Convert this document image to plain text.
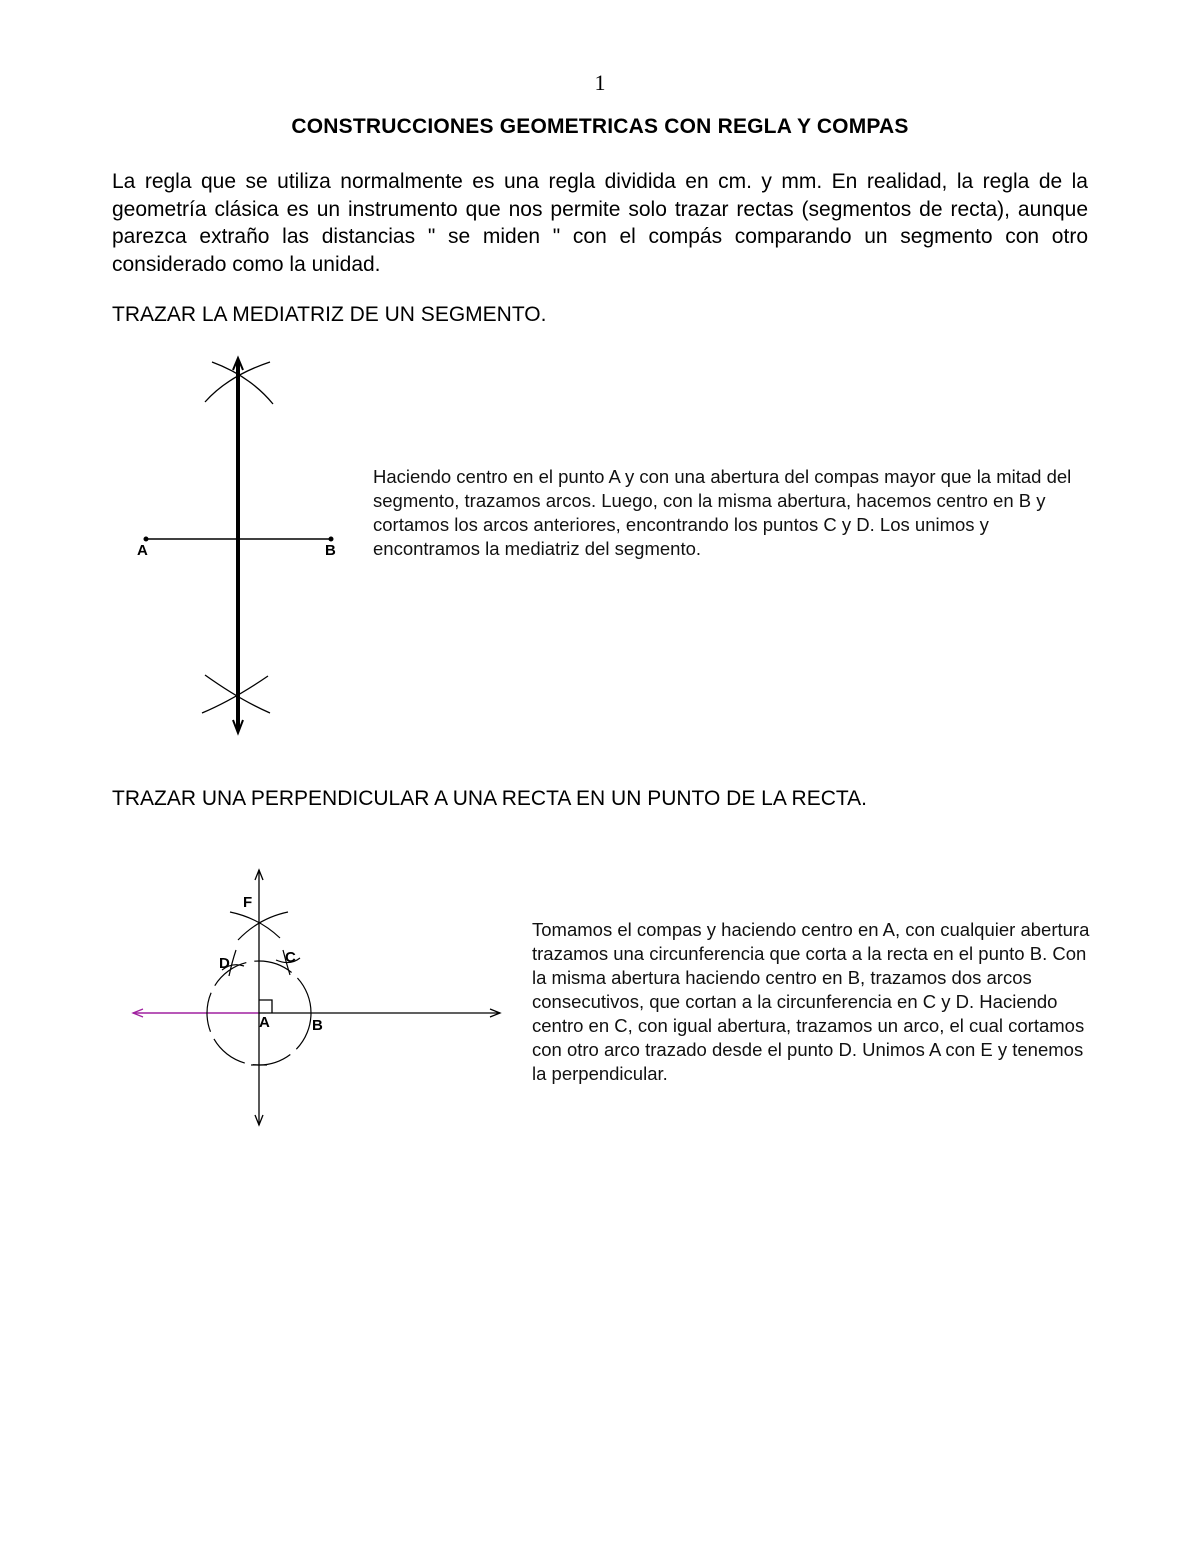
1
CONSTRUCCIONES GEOMETRICAS CON REGLA Y COMPAS
La regla que se utiliza normalmente es una regla dividida en cm. y mm. En realidad, la regla de la geometría clásica es un instrumento que nos permite solo trazar rectas (segmentos de recta), aunque parezca extraño las distancias " se miden " con el compás comparando un segmento con otro considerado como la unidad.
TRAZAR LA MEDIATRIZ DE UN SEGMENTO.
A	B
F
D	C
A	B
Haciendo centro en el punto A y con una abertura del compas mayor que la mitad del segmento, trazamos arcos. Luego, con la misma abertura, hacemos centro en B y cortamos los arcos anteriores, encontrando los puntos C y D. Los unimos y encontramos la mediatriz del segmento.
TRAZAR UNA PERPENDICULAR A UNA RECTA EN UN PUNTO DE LA RECTA.
Tomamos el compas y haciendo centro en A, con cualquier abertura trazamos una circunferencia que corta a la recta en el punto B. Con la misma abertura haciendo centro en B, trazamos dos arcos consecutivos, que cortan a la circunferencia en C y D. Haciendo centro en C, con igual abertura, trazamos un arco, el cual cortamos con otro arco trazado desde el punto D. Unimos A con E y tenemos la perpendicular.
